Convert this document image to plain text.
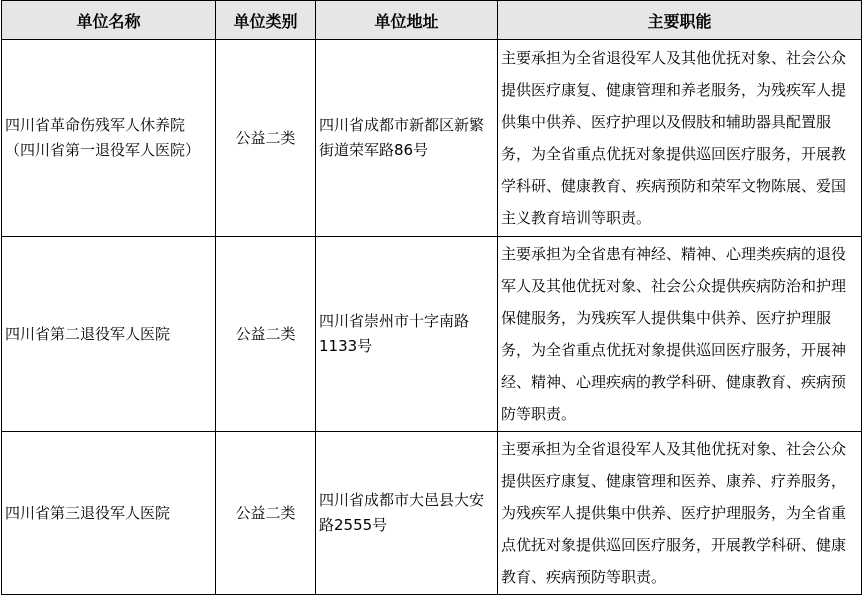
单位名称	单位类别	单位地址	主要职能

四川省革命伤残军人休养院
（四川省第一退役军人医院）	公益二类	四川省成都市新都区新繁街道荣军路86号	主要承担为全省退役军人及其他优抚对象、社会公众提供医疗康复、健康管理和养老服务，为残疾军人提供集中供养、医疗护理以及假肢和辅助器具配置服务，为全省重点优抚对象提供巡回医疗服务，开展教学科研、健康教育、疾病预防和荣军文物陈展、爱国主义教育培训等职责。

四川省第二退役军人医院	公益二类	四川省崇州市十字南路1133号	主要承担为全省患有神经、精神、心理类疾病的退役军人及其他优抚对象、社会公众提供疾病防治和护理保健服务，为残疾军人提供集中供养、医疗护理服务，为全省重点优抚对象提供巡回医疗服务，开展神经、精神、心理疾病的教学科研、健康教育、疾病预防等职责。

四川省第三退役军人医院	公益二类	四川省成都市大邑县大安路2555号	主要承担为全省退役军人及其他优抚对象、社会公众提供医疗康复、健康管理和医养、康养、疗养服务，为残疾军人提供集中供养、医疗护理服务，为全省重点优抚对象提供巡回医疗服务，开展教学科研、健康教育、疾病预防等职责。
